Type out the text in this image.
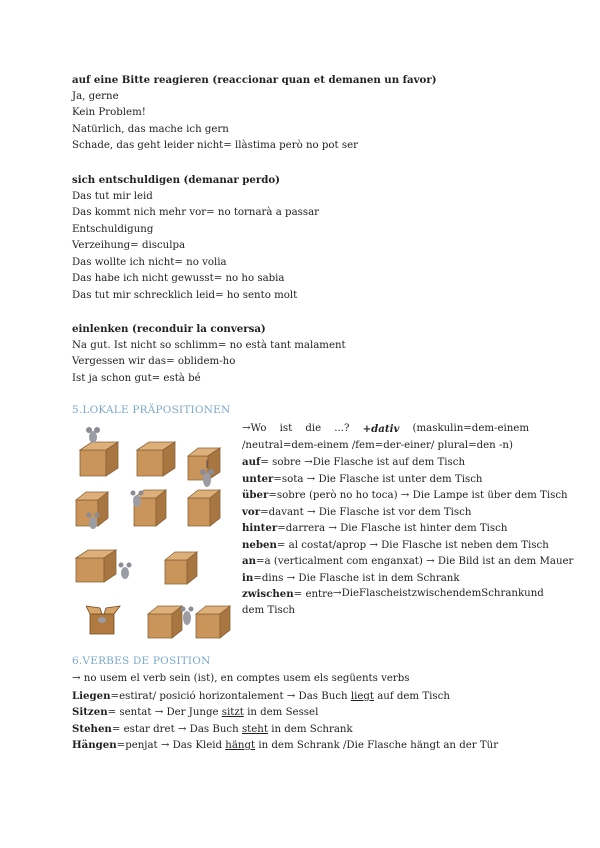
auf eine Bitte reagieren (reaccionar quan et demanen un favor)
Ja, gerne
Kein Problem!
Natürlich, das mache ich gern
Schade, das geht leider nicht= llàstima però no pot ser
sich entschuldigen (demanar perdo)
Das tut mir leid
Das kommt nich mehr vor= no tornarà a passar
Entschuldigung
Verzeihung= disculpa
Das wollte ich nicht= no volia
Das habe ich nicht gewusst= no ho sabia
Das tut mir schrecklich leid= ho sento molt
einlenken (reconduir la conversa)
Na gut. Ist nicht so schlimm= no està tant malament
Vergessen wir das= oblidem-ho
Ist ja schon gut= està bé
5.LOKALE PRÄPOSITIONEN
→Wo ist die ...? +dativ (maskulin=dem-einem
/neutral=dem-einem /fem=der-einer/ plural=den -n)
auf= sobre →Die Flasche ist auf dem Tisch
unter=sota → Die Flasche ist unter dem Tisch
über=sobre (però no ho toca) → Die Lampe ist über dem Tisch
vor=davant → Die Flasche ist vor dem Tisch
hinter=darrera → Die Flasche ist hinter dem Tisch
neben= al costat/aprop → Die Flasche ist neben dem Tisch
an=a (verticalment com enganxat) → Die Bild ist an dem Mauer
in=dins → Die Flasche ist in dem Schrank
zwischen= entre → Die Flasche ist zwischen dem Schrank und
dem Tisch
6.VERBES DE POSITION
→ no usem el verb sein (ist), en comptes usem els següents verbs
Liegen=estirat/ posició horizontalement → Das Buch liegt auf dem Tisch
Sitzen= sentat → Der Junge sitzt in dem Sessel
Stehen= estar dret → Das Buch steht in dem Schrank
Hängen=penjat → Das Kleid hängt in dem Schrank /Die Flasche hängt an der Tür
